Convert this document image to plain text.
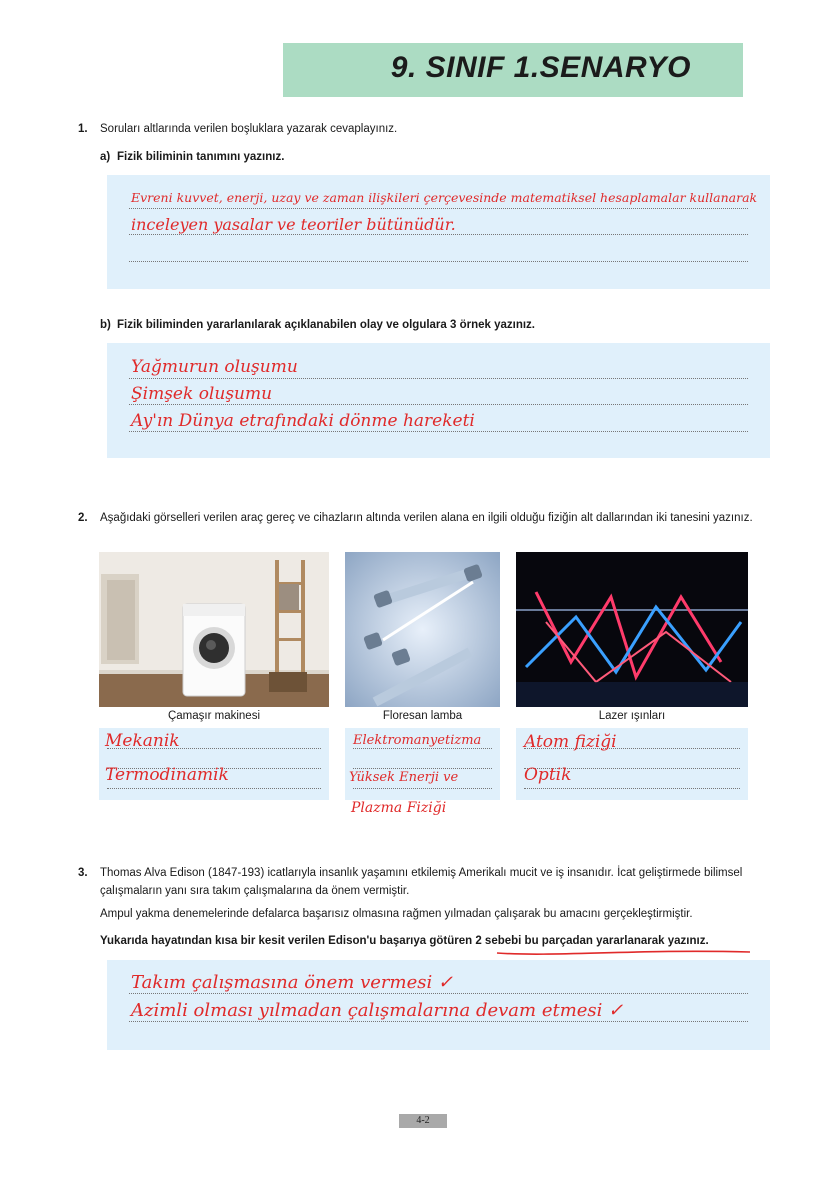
9. SINIF 1.SENARYO
1. Soruları altlarında verilen boşluklara yazarak cevaplayınız.
a) Fizik biliminin tanımını yazınız.
Evreni kuvvet, enerji, uzay ve zaman ilişkileri çerçevesinde matematiksel hesaplamalar kullanarak
inceleyen yasalar ve teoriler bütünüdür.
b) Fizik biliminden yararlanılarak açıklanabilen olay ve olgulara 3 örnek yazınız.
Yağmurun oluşumu
Şimşek oluşumu
Ay'ın Dünya etrafındaki dönme hareketi
2. Aşağıdaki görselleri verilen araç gereç ve cihazların altında verilen alana en ilgili olduğu fiziğin alt dallarından iki tanesini yazınız.
Çamaşır makinesi	Floresan lamba	Lazer ışınları
Mekanik
Termodinamik
Elektromanyetizma
Yüksek Enerji ve
Plazma Fiziği
Atom fiziği
Optik
3. Thomas Alva Edison (1847-193) icatlarıyla insanlık yaşamını etkilemiş Amerikalı mucit ve iş insanıdır. İcat geliştirmede bilimsel çalışmaların yanı sıra takım çalışmalarına da önem vermiştir.
Ampul yakma denemelerinde defalarca başarısız olmasına rağmen yılmadan çalışarak bu amacını gerçekleştirmiştir.
Yukarıda hayatından kısa bir kesit verilen Edison'u başarıya götüren 2 sebebi bu parçadan yararlanarak yazınız.
Takım çalışmasına önem vermesi ✓
Azimli olması yılmadan çalışmalarına devam etmesi ✓
4-2
